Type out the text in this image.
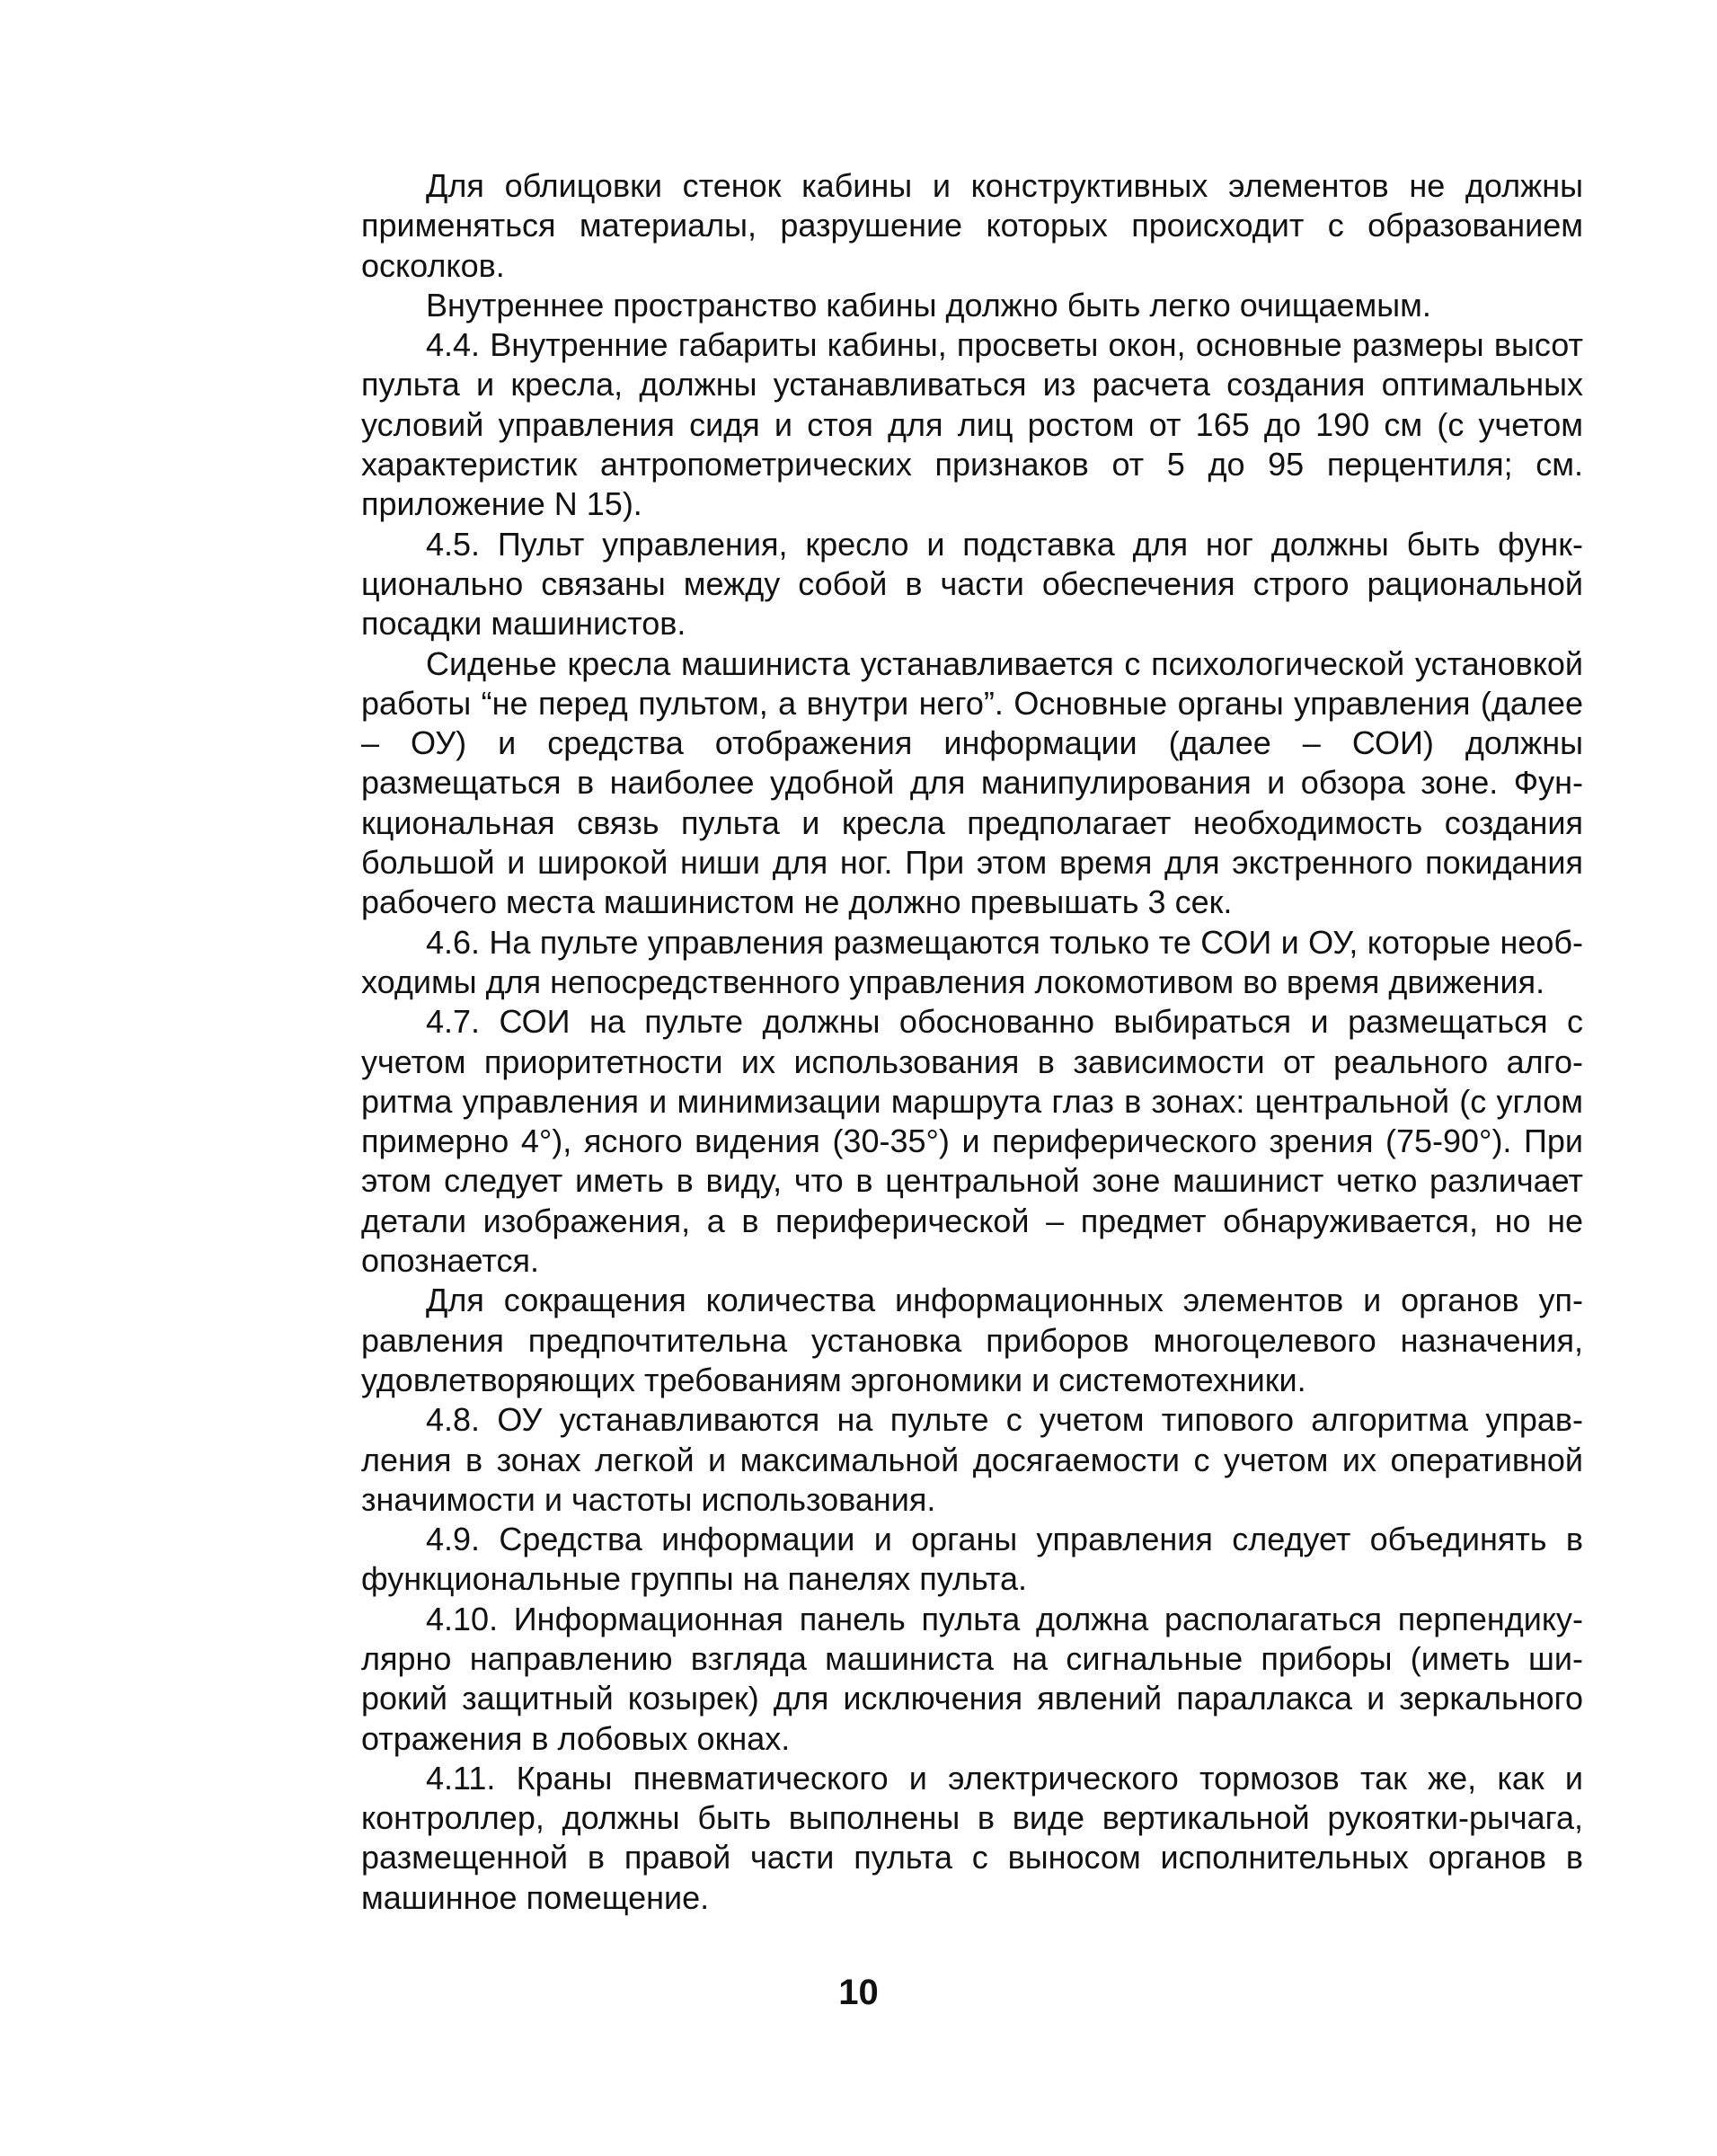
Для облицовки стенок кабины и конструктивных элементов не должны применяться материалы, разрушение которых происходит с образованием осколков.

Внутреннее пространство кабины должно быть легко очищаемым.

4.4. Внутренние габариты кабины, просветы окон, основные размеры высот пульта и кресла, должны устанавливаться из расчета создания оптимальных условий управления сидя и стоя для лиц ростом от 165 до 190 см (с учетом характеристик антропометрических признаков от 5 до 95 перцентиля; см. приложение N 15).

4.5. Пульт управления, кресло и подставка для ног должны быть функционально связаны между собой в части обеспечения строго рациональной посадки машинистов.

Сиденье кресла машиниста устанавливается с психологической установкой работы “не перед пультом, а внутри него”. Основные органы управления (далее – ОУ) и средства отображения информации (далее – СОИ) должны размещаться в наиболее удобной для манипулирования и обзора зоне. Функциональная связь пульта и кресла предполагает необходимость создания большой и широкой ниши для ног. При этом время для экстренного покидания рабочего места машинистом не должно превышать 3 сек.

4.6. На пульте управления размещаются только те СОИ и ОУ, которые необходимы для непосредственного управления локомотивом во время движения.

4.7. СОИ на пульте должны обоснованно выбираться и размещаться с учетом приоритетности их использования в зависимости от реального алгоритма управления и минимизации маршрута глаз в зонах: центральной (с углом примерно 4°), ясного видения (30-35°) и периферического зрения (75-90°). При этом следует иметь в виду, что в центральной зоне машинист четко различает детали изображения, а в периферической – предмет обнаруживается, но не опознается.

Для сокращения количества информационных элементов и органов управления предпочтительна установка приборов многоцелевого назначения, удовлетворяющих требованиям эргономики и системотехники.

4.8. ОУ устанавливаются на пульте с учетом типового алгоритма управления в зонах легкой и максимальной досягаемости с учетом их оперативной значимости и частоты использования.

4.9. Средства информации и органы управления следует объединять в функциональные группы на панелях пульта.

4.10. Информационная панель пульта должна располагаться перпендикулярно направлению взгляда машиниста на сигнальные приборы (иметь широкий защитный козырек) для исключения явлений параллакса и зеркального отражения в лобовых окнах.

4.11. Краны пневматического и электрического тормозов так же, как и контроллер, должны быть выполнены в виде вертикальной рукоятки-рычага, размещенной в правой части пульта с выносом исполнительных органов в машинное помещение.

10
